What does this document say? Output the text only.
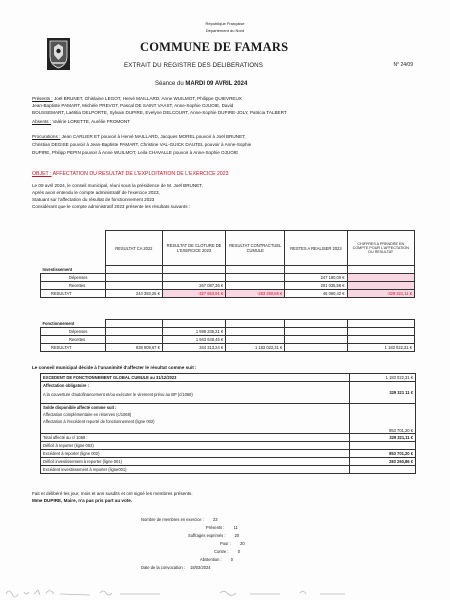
République Française
Département du Nord
COMMUNE DE FAMARS
EXTRAIT DU REGISTRE DES DELIBERATIONS	N° 24/09
Séance du MARDI 09 AVRIL 2024
Présents : Joël BRUNET, Ghislaine LEGOT, Hervé MAILLARD, Anne WUILMOT, Philippe QUIEVREUX
Jean-Baptiste PAMART, Michèle PREVOT, Pascal DE SAINT VAAST, Anne-Sophie OJUOIE, David
BOUSSEMART, Laëtitia DELPORTE, Sylvain DUPIRE, Evelyne DELCOURT, Anne-Sophie DUPIRE-JOLY, Patricia TALBERT
Absents : Valérie LORETTE, Aurélie FROMONT
Procurations : Jean CARLIER ET pouvoir à Hervé MAILLARD, Jacques MOREL pouvoir à Joël BRUNET,
Christian DEGISE pouvoir à Jean-Baptiste PAMART, Christine VAL-GUICK DAUTEL pouvoir à Anne-Sophie
DUPIRE, Philipp PEPIN pouvoir à Anne WUILMOT, Leila CHAVALLE pouvoir à Anne-Sophie OJUOIE
OBJET : AFFECTATION DU RESULTAT DE L'EXPLOITATION DE L'EXERCICE 2023
Le 09 avril 2024, le conseil municipal, réuni sous la présidence de M. Joël BRUNET,
Après avoir entendu le compte administratif de l'exercice 2023,
Statuant sur l'affectation du résultat de fonctionnement 2023
Considérant que le compte administratif 2023 présente les résultats suivants :
	RESULTAT CA 2022	RESULTAT DE CLOTURE DE L'EXERCICE 2023	RESULTAT CONTRACTUEL CUMULE	RESTES A REALISER 2023	CHIFFRES A PRENDRE EN COMPTE POUR L'AFFECTATION DU RESULTAT
Investissement					
Dépenses				247 180,00 €	
Recettes		267 087,35 €		201 035,58 €	
RESULTAT	244 393,25 €	-327 653,91 €	-283 260,86 €	46 060,42 €	-329 321,11 €
Fonctionnement					
Dépenses		1 599 335,21 €			
Recettes		1 943 648,45 €			
RESULTAT	838 909,67 €	344 313,24 €	1 183 022,31 €		1 183 022,31 €
Le conseil municipal décide à l'unanimité d'affecter le résultat comme suit :
EXCEDENT DE FONCTIONNEMENT GLOBAL CUMULE au 31/12/2023	1 183 022,31 €

Affectation obligatoire :
A la couverture d'autofinancement et/ou exécuter le virement prévu au BP (c/1068)	329 321 11 €

Solde disponible affecté comme suit :
Affectation complémentaire en réserves (c/1068)
Affectation à l'excédent reporté de fonctionnement (ligne 002)	853 701,20 €
Total affecté au c/ 1068 :	329 321,11 €
Déficit à reporter (ligne 002)	
Excédent à reporter (ligne 002)	853 701,20 €
Déficit investissement à reporter (ligne 001)	283 260,86 €
Excédent investissement à reporter (ligne001)	
Fait et délibéré les jour, mois et ans susdits et ont signé les membres présents.
Mme DUPIRE, Maire, n'a pas pris part au vote.
Nombre de membres en exercice : 23
Présents : 11
Suffrages exprimés : 20
Pour : 20
Contre : 0
Abstention : 0
Date de la convocation : 18/03/2024
